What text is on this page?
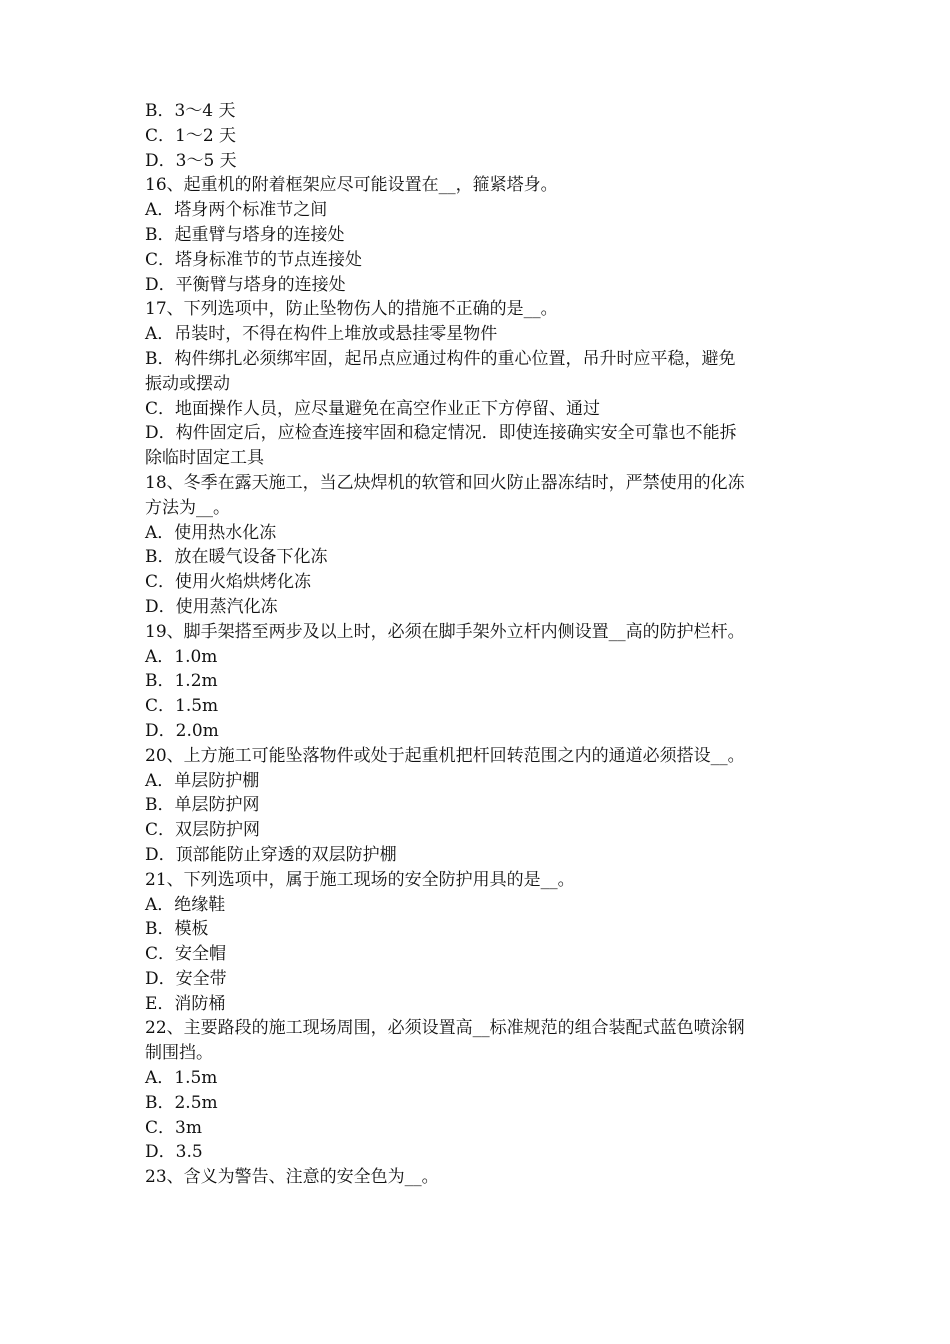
B．3～4 天

C．1～2 天

D．3～5 天

16、起重机的附着框架应尽可能设置在__，箍紧塔身。

A．塔身两个标准节之间

B．起重臂与塔身的连接处

C．塔身标准节的节点连接处

D．平衡臂与塔身的连接处

17、下列选项中，防止坠物伤人的措施不正确的是__。

A．吊装时，不得在构件上堆放或悬挂零星物件

B．构件绑扎必须绑牢固，起吊点应通过构件的重心位置，吊升时应平稳，避免

振动或摆动

C．地面操作人员，应尽量避免在高空作业正下方停留、通过

D．构件固定后，应检查连接牢固和稳定情况．即使连接确实安全可靠也不能拆

除临时固定工具

18、冬季在露天施工，当乙炔焊机的软管和回火防止器冻结时，严禁使用的化冻

方法为__。

A．使用热水化冻

B．放在暖气设备下化冻

C．使用火焰烘烤化冻

D．使用蒸汽化冻

19、脚手架搭至两步及以上时，必须在脚手架外立杆内侧设置__高的防护栏杆。

A．1.0m

B．1.2m

C．1.5m

D．2.0m

20、上方施工可能坠落物件或处于起重机把杆回转范围之内的通道必须搭设__。

A．单层防护棚

B．单层防护网

C．双层防护网

D．顶部能防止穿透的双层防护棚

21、下列选项中，属于施工现场的安全防护用具的是__。

A．绝缘鞋

B．模板

C．安全帽

D．安全带

E．消防桶

22、主要路段的施工现场周围，必须设置高__标准规范的组合装配式蓝色喷涂钢

制围挡。

A．1.5m

B．2.5m

C．3m

D．3.5

23、含义为警告、注意的安全色为__。
